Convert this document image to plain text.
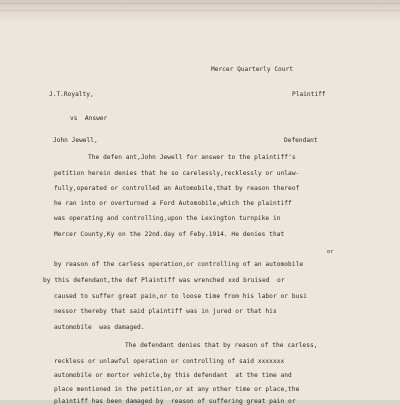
Mercer Quarterly Court
J.T.Royalty,	Plaintiff
vs  Answer
John Jewell,	Defendant
The defen ant,John Jewell for answer to the plaintiff's
petition herein denies that he so carelessly,recklessly or unlaw-
fully,operated or controlled an Automobile,that by reason thereof
he ran into or overturned a Ford Automobile,which the plaintiff
was operating and controlling,upon the Lexington turnpike in
Mercer County,Ky on the 22nd.day of Feby.1914. He denies that
or
by reason of the carless operation,or controlling of an automobile
by this defendant,the def Plaintiff was wrenched xxd bruised  or
caused to suffer great pain,or to loose time from his labor or busi
nessor thereby that said plaintiff was in jured or that his
automobile  was damaged.
The defendant denies that by reason of the carless,
reckless or unlawful operation or controlling of said xxxxxxx
automobile or mortor vehicle,by this defendant  at the time and
place mentioned in the petition,or at any other time or place,the
plaintiff has been damaged by  reason of suffering great pain or
